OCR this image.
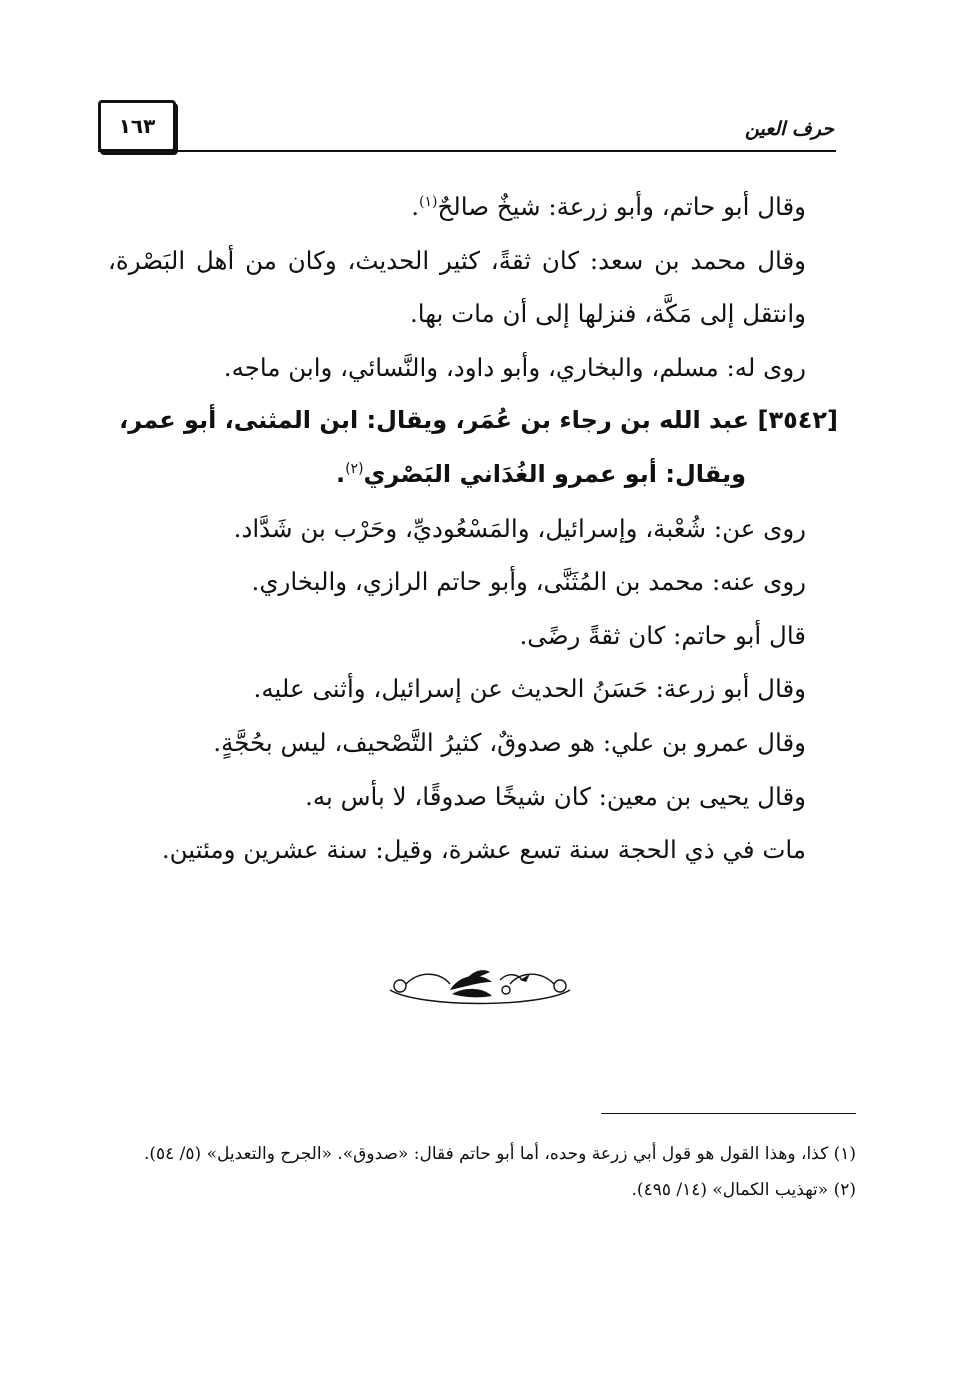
حرف العين
١٦٣

وقال أبو حاتم، وأبو زرعة: شيخٌ صالحٌ$^{(١)}$.

وقال محمد بن سعد: كان ثقةً، كثير الحديث، وكان من أهل البَصْرة، وانتقل إلى مَكَّة، فنزلها إلى أن مات بها.

روى له: مسلم، والبخاري، وأبو داود، والنَّسائي، وابن ماجه.

[٣٥٤٢] عبد الله بن رجاء بن عُمَر، ويقال: ابن المثنى، أبو عمر،
ويقال: أبو عمرو الغُدَاني البَصْري$^{(٢)}$.

روى عن: شُعْبة، وإسرائيل، والمَسْعُوديِّ، وحَرْب بن شَدَّاد.

روى عنه: محمد بن المُثَنَّى، وأبو حاتم الرازي، والبخاري.

قال أبو حاتم: كان ثقةً رضًى.

وقال أبو زرعة: حَسَنُ الحديث عن إسرائيل، وأثنى عليه.

وقال عمرو بن علي: هو صدوقٌ، كثيرُ التَّصْحيف، ليس بحُجَّةٍ.

وقال يحيى بن معين: كان شيخًا صدوقًا، لا بأس به.

مات في ذي الحجة سنة تسع عشرة، وقيل: سنة عشرين ومئتين.

(١) كذا، وهذا القول هو قول أبي زرعة وحده، أما أبو حاتم فقال: «صدوق». «الجرح والتعديل» (٥/ ٥٤).

(٢) «تهذيب الكمال» (١٤/ ٤٩٥).
